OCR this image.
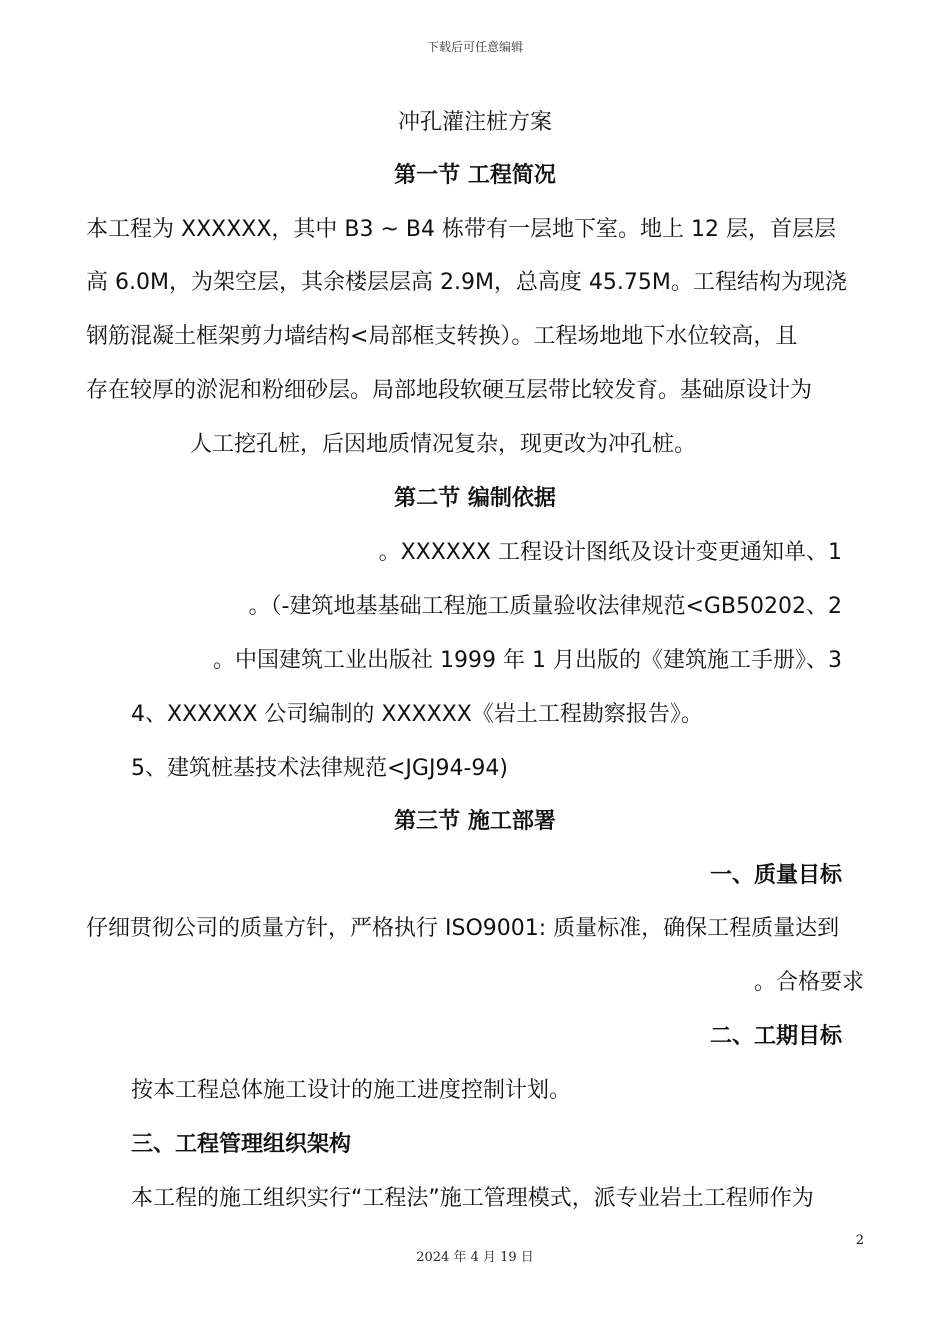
下载后可任意编辑
冲孔灌注桩方案
第一节 工程简况
本工程为 XXXXXX，其中 B3 ~ B4 栋带有一层地下室。地上 12 层，首层层
高 6.0M，为架空层，其余楼层层高 2.9M，总高度 45.75M。工程结构为现浇
钢筋混凝土框架剪力墙结构<局部框支转换）。工程场地地下水位较高，且
存在较厚的淤泥和粉细砂层。局部地段软硬互层带比较发育。基础原设计为
人工挖孔桩，后因地质情况复杂，现更改为冲孔桩。
第二节 编制依据
。XXXXXX 工程设计图纸及设计变更通知单、1
。（-建筑地基基础工程施工质量验收法律规范<GB50202、2
。中国建筑工业出版社 1999 年 1 月出版的《建筑施工手册》、3
4、XXXXXX 公司编制的 XXXXXX《岩土工程勘察报告》。
5、建筑桩基技术法律规范<JGJ94-94)
第三节 施工部署
一、质量目标
仔细贯彻公司的质量方针，严格执行 ISO9001: 质量标准，确保工程质量达到
。合格要求
二、工期目标
按本工程总体施工设计的施工进度控制计划。
三、工程管理组织架构
本工程的施工组织实行“工程法”施工管理模式，派专业岩土工程师作为
2
2024 年 4 月 19 日
